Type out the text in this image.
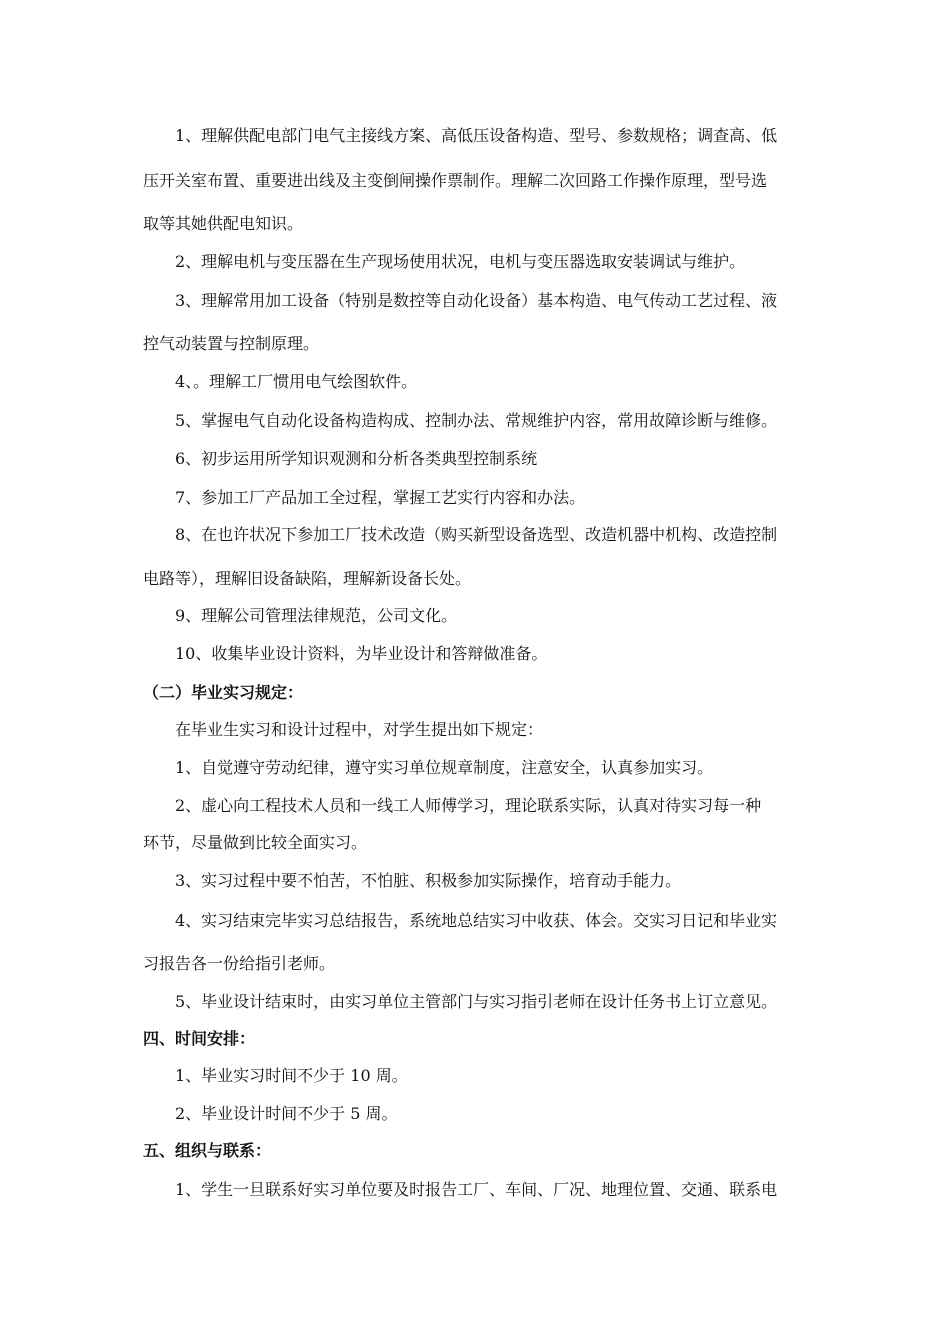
1、理解供配电部门电气主接线方案、高低压设备构造、型号、参数规格；调查高、低

压开关室布置、重要进出线及主变倒闸操作票制作。理解二次回路工作操作原理，型号选

取等其她供配电知识。

2、理解电机与变压器在生产现场使用状况，电机与变压器选取安装调试与维护。

3、理解常用加工设备（特别是数控等自动化设备）基本构造、电气传动工艺过程、液

控气动装置与控制原理。

4、。理解工厂惯用电气绘图软件。

5、掌握电气自动化设备构造构成、控制办法、常规维护内容，常用故障诊断与维修。

6、初步运用所学知识观测和分析各类典型控制系统

7、参加工厂产品加工全过程，掌握工艺实行内容和办法。

8、在也许状况下参加工厂技术改造（购买新型设备选型、改造机器中机构、改造控制

电路等），理解旧设备缺陷，理解新设备长处。

9、理解公司管理法律规范，公司文化。

10、收集毕业设计资料，为毕业设计和答辩做准备。

（二）毕业实习规定：

在毕业生实习和设计过程中，对学生提出如下规定：

1、自觉遵守劳动纪律，遵守实习单位规章制度，注意安全，认真参加实习。

2、虚心向工程技术人员和一线工人师傅学习，理论联系实际，认真对待实习每一种

环节，尽量做到比较全面实习。

3、实习过程中要不怕苦，不怕脏、积极参加实际操作，培育动手能力。

4、实习结束完毕实习总结报告，系统地总结实习中收获、体会。交实习日记和毕业实

习报告各一份给指引老师。

5、毕业设计结束时，由实习单位主管部门与实习指引老师在设计任务书上订立意见。

四、时间安排：

1、毕业实习时间不少于 10 周。

2、毕业设计时间不少于 5 周。

五、组织与联系：

1、学生一旦联系好实习单位要及时报告工厂、车间、厂况、地理位置、交通、联系电
